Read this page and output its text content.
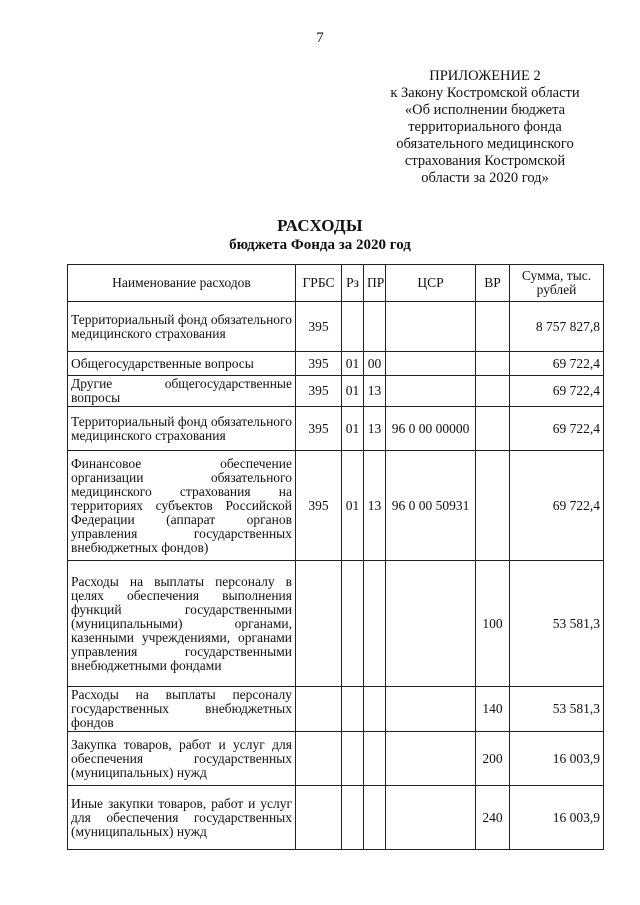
7
ПРИЛОЖЕНИЕ 2
к Закону Костромской области
«Об исполнении бюджета
территориального фонда
обязательного медицинского
страхования Костромской
области за 2020 год»
РАСХОДЫ
бюджета Фонда за 2020 год
Наименование расходов	ГРБС	Рз	ПР	ЦСР	ВР	Сумма, тыс. рублей
Территориальный фонд обязательного медицинского страхования	395					8 757 827,8
Общегосударственные вопросы	395	01	00			69 722,4
Другие общегосударственные вопросы	395	01	13			69 722,4
Территориальный фонд обязательного медицинского страхования	395	01	13	96 0 00 00000		69 722,4
Финансовое обеспечение организации обязательного медицинского страхования на территориях субъектов Российской Федерации (аппарат органов управления государственных внебюджетных фондов)	395	01	13	96 0 00 50931		69 722,4
Расходы на выплаты персоналу в целях обеспечения выполнения функций государственными (муниципальными) органами, казенными учреждениями, органами управления государственными внебюджетными фондами					100	53 581,3
Расходы на выплаты персоналу государственных внебюджетных фондов					140	53 581,3
Закупка товаров, работ и услуг для обеспечения государственных (муниципальных) нужд					200	16 003,9
Иные закупки товаров, работ и услуг для обеспечения государственных (муниципальных) нужд					240	16 003,9
